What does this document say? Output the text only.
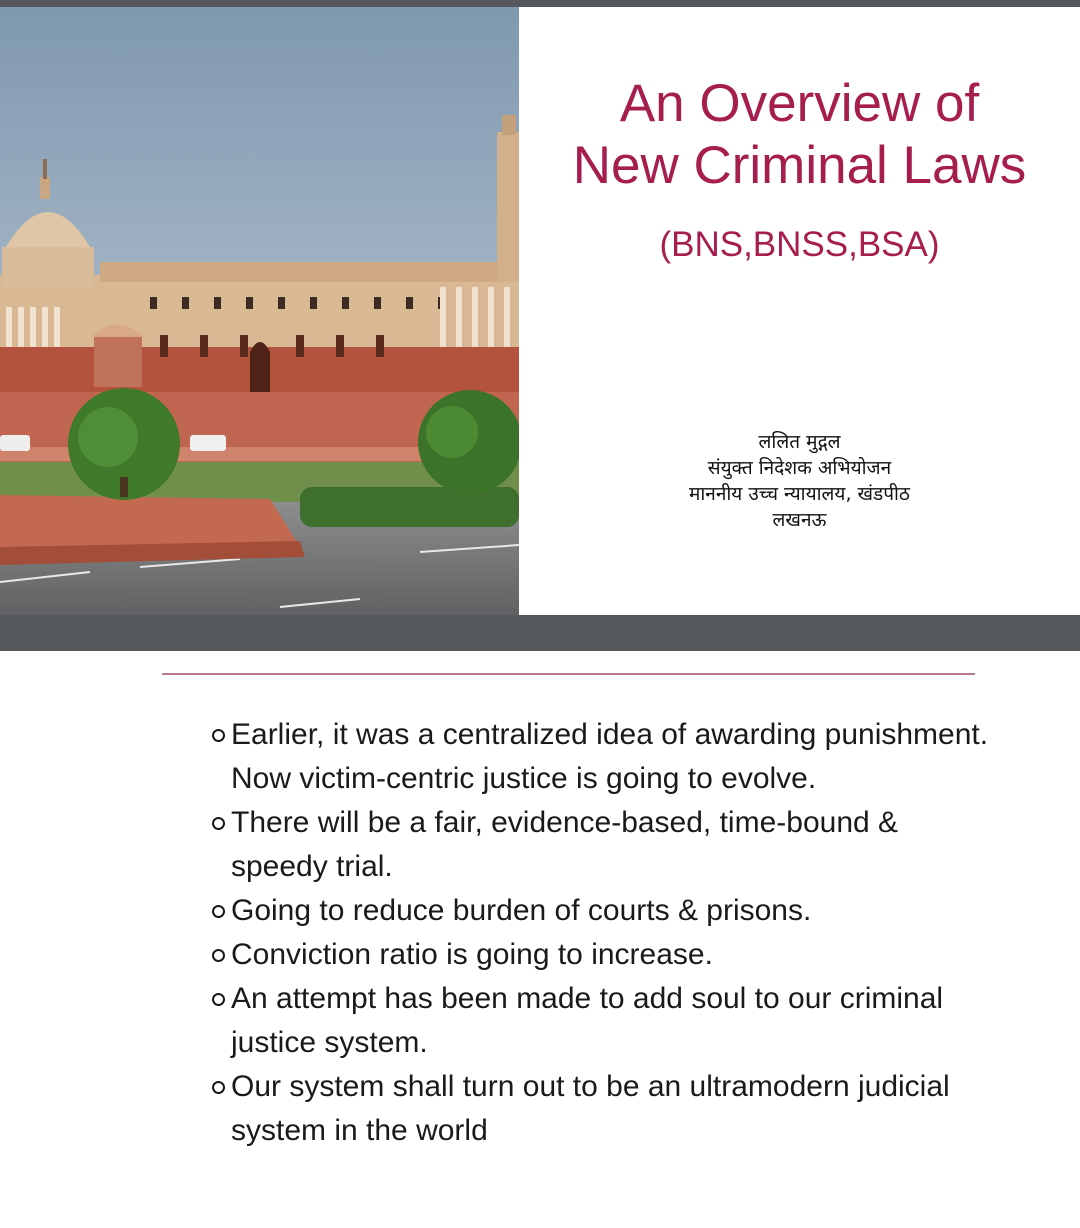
An Overview of
New Criminal Laws

(BNS,BNSS,BSA)

ललित मुद्गल
संयुक्त निदेशक अभियोजन
माननीय उच्च न्यायालय, खंडपीठ
लखनऊ
Earlier, it was a centralized idea of awarding punishment. Now victim-centric justice is going to evolve.
There will be a fair, evidence-based, time-bound & speedy trial.
Going to reduce burden of courts & prisons.
Conviction ratio is going to increase.
An attempt has been made to add soul to our criminal justice system.
Our system shall turn out to be an ultramodern judicial system in the world
